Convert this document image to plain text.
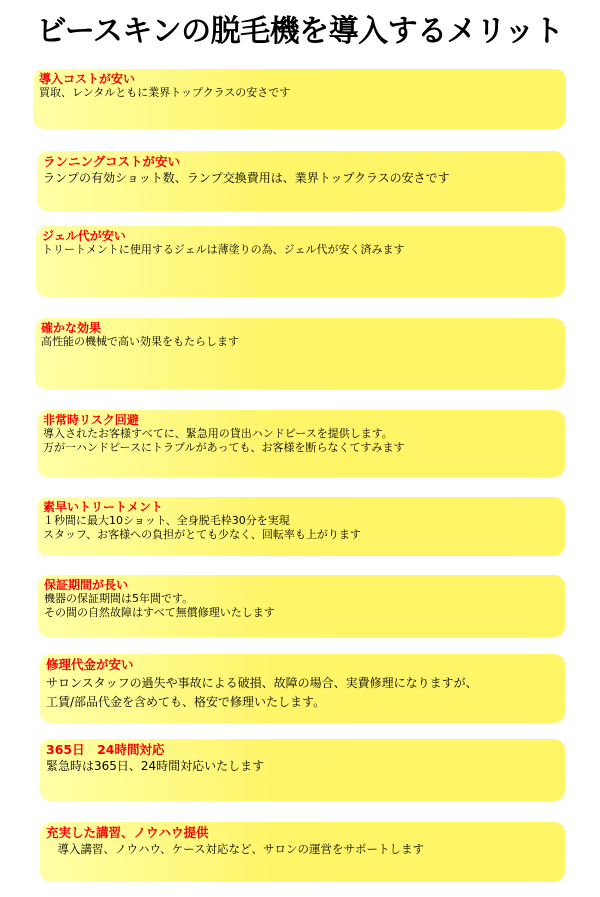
ビースキンの脱毛機を導入するメリット
導入コストが安い
買取、レンタルともに業界トップクラスの安さです
ランニングコストが安い
ランプの有効ショット数、ランプ交換費用は、業界トップクラスの安さです
ジェル代が安い
トリートメントに使用するジェルは薄塗りの為、ジェル代が安く済みます
確かな効果
高性能の機械で高い効果をもたらします
非常時リスク回避
導入されたお客様すべてに、緊急用の貸出ハンドピースを提供します。
万が一ハンドピースにトラブルがあっても、お客様を断らなくてすみます
素早いトリートメント
１秒間に最大10ショット、全身脱毛枠30分を実現
スタッフ、お客様への負担がとても少なく、回転率も上がります
保証期間が長い
機器の保証期間は5年間です。
その間の自然故障はすべて無償修理いたします
修理代金が安い
サロンスタッフの過失や事故による破損、故障の場合、実費修理になりますが、
工賃/部品代金を含めても、格安で修理いたします。
365日　24時間対応
緊急時は365日、24時間対応いたします
充実した講習、ノウハウ提供
　導入講習、ノウハウ、ケース対応など、サロンの運営をサポートします
